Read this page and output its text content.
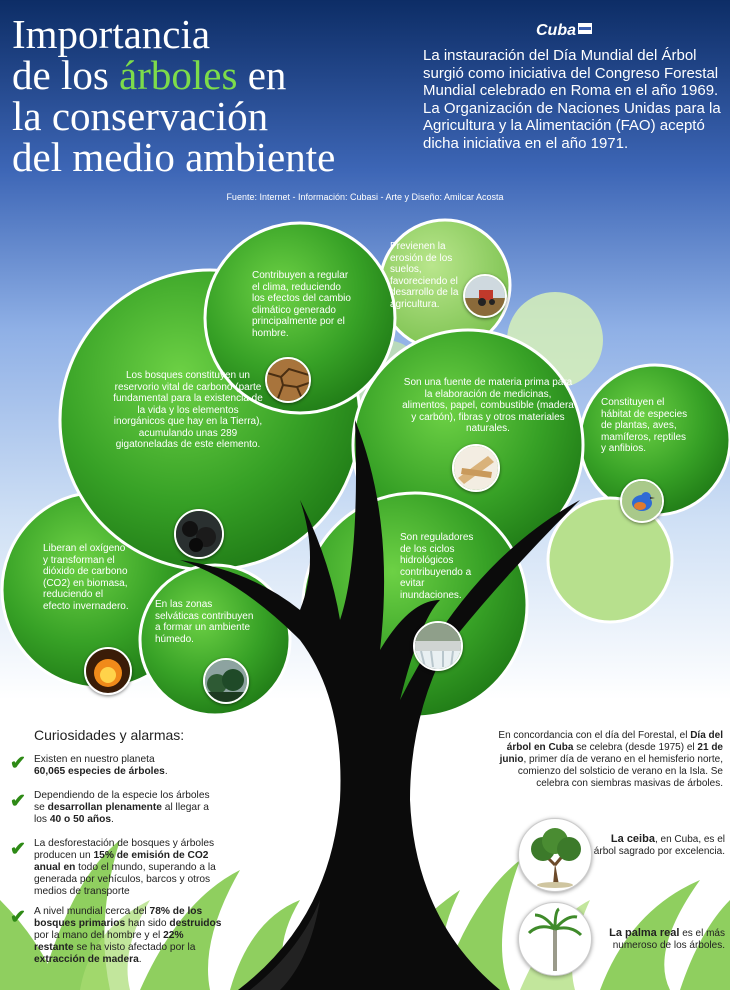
Importancia
de los árboles en
la conservación
del medio ambiente
Cuba
La instauración del Día Mundial del Árbol surgió como iniciativa del Congreso Forestal Mundial celebrado en Roma en el año 1969. La Organización de Naciones Unidas para la Agricultura y la Alimentación (FAO) aceptó dicha iniciativa en el año 1971.
Fuente: Internet - Información: Cubasi - Arte y Diseño: Amilcar Acosta
Contribuyen a regular el clima, reduciendo los efectos del cambio climático generado principalmente por el hombre.
Previenen la erosión de los suelos, favoreciendo el desarrollo de la agricultura.
Los bosques constituyen un reservorio vital de carbono (parte fundamental para la existencia de la vida y los elementos inorgánicos que hay en la Tierra), acumulando unas 289 gigatoneladas de este elemento.
Son una fuente de materia prima para la elaboración de medicinas, alimentos, papel, combustible (madera y carbón), fibras y otros materiales naturales.
Constituyen el hábitat de especies de plantas, aves, mamíferos, reptiles y anfibios.
Liberan el oxígeno y transforman el dióxido de carbono (CO2) en biomasa, reduciendo el efecto invernadero.	En las zonas selváticas contribuyen a formar un ambiente húmedo.
Son reguladores de los ciclos hidrológicos contribuyendo a evitar inundaciones.
Curiosidades y alarmas:
✔ Existen en nuestro planeta
60,065 especies de árboles.
✔ Dependiendo de la especie los árboles se desarrollan plenamente al llegar a los 40 o 50 años.
✔ La desforestación de bosques y árboles producen un 15% de emisión de CO2 anual en todo el mundo, superando a la generada por vehículos, barcos y otros medios de transporte
✔ A nivel mundial cerca del 78% de los bosques primarios han sido destruidos por la mano del hombre y el 22% restante se ha visto afectado por la extracción de madera.
En concordancia con el día del Forestal, el Día del árbol en Cuba se celebra (desde 1975) el 21 de junio, primer día de verano en el hemisferio norte, comienzo del solsticio de verano en la Isla. Se celebra con siembras masivas de árboles.
La ceiba, en Cuba, es el árbol sagrado por excelencia.
La palma real es el más numeroso de los árboles.
